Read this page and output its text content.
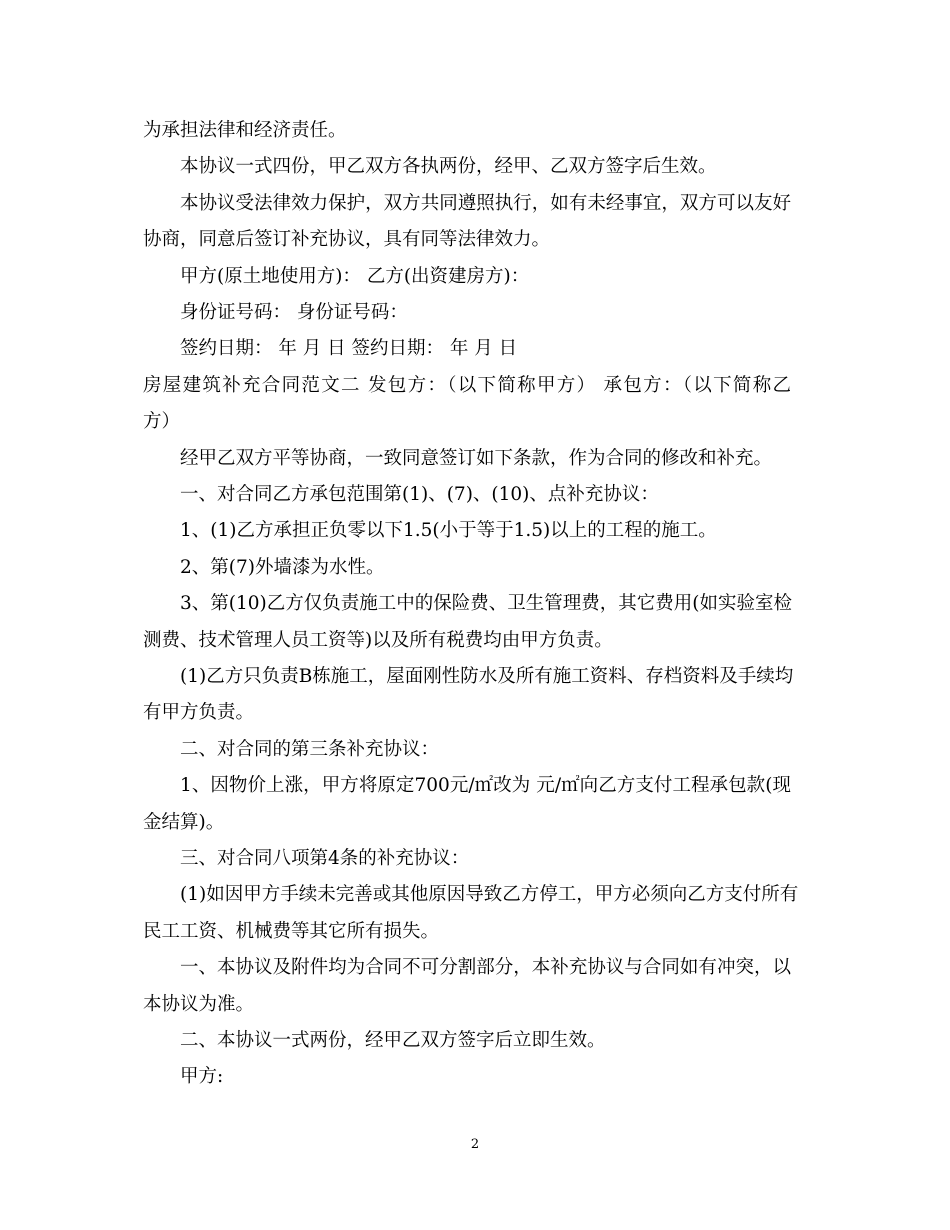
为承担法律和经济责任。
本协议一式四份，甲乙双方各执两份，经甲、乙双方签字后生效。
本协议受法律效力保护，双方共同遵照执行，如有未经事宜，双方可以友好
协商，同意后签订补充协议，具有同等法律效力。
甲方(原土地使用方)： 乙方(出资建房方)：
身份证号码： 身份证号码：
签约日期： 年 月 日 签约日期： 年 月 日
房屋建筑补充合同范文二 发包方：（以下简称甲方） 承包方：（以下简称乙
方）
经甲乙双方平等协商，一致同意签订如下条款，作为合同的修改和补充。
一、对合同乙方承包范围第(1)、(7)、(10)、点补充协议：
1、(1)乙方承担正负零以下1.5(小于等于1.5)以上的工程的施工。
2、第(7)外墙漆为水性。
3、第(10)乙方仅负责施工中的保险费、卫生管理费，其它费用(如实验室检
测费、技术管理人员工资等)以及所有税费均由甲方负责。
(1)乙方只负责B栋施工，屋面刚性防水及所有施工资料、存档资料及手续均
有甲方负责。
二、对合同的第三条补充协议：
1、因物价上涨，甲方将原定700元/㎡改为 元/㎡向乙方支付工程承包款(现
金结算)。
三、对合同八项第4条的补充协议：
(1)如因甲方手续未完善或其他原因导致乙方停工，甲方必须向乙方支付所有
民工工资、机械费等其它所有损失。
一、本协议及附件均为合同不可分割部分，本补充协议与合同如有冲突，以
本协议为准。
二、本协议一式两份，经甲乙双方签字后立即生效。
甲方:
2
